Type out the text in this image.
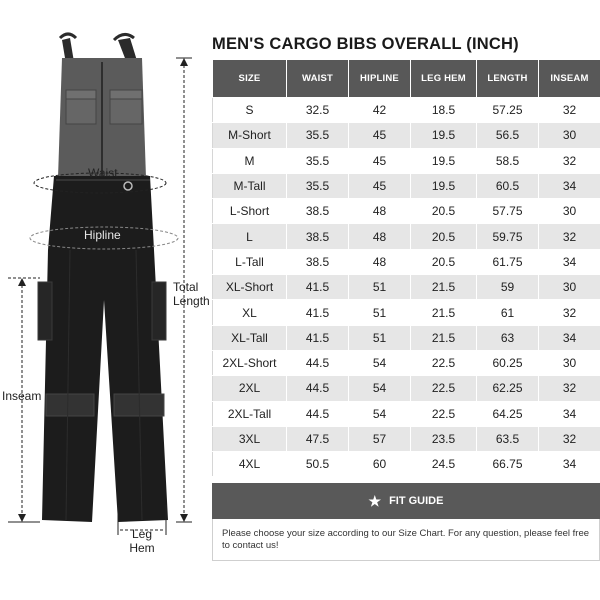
Waist
Hipline
Total Length
Inseam
Leg Hem
MEN'S CARGO BIBS OVERALL (INCH)
SIZE	WAIST	HIPLINE	LEG HEM	LENGTH	INSEAM
S	32.5	42	18.5	57.25	32
M-Short	35.5	45	19.5	56.5	30
M	35.5	45	19.5	58.5	32
M-Tall	35.5	45	19.5	60.5	34
L-Short	38.5	48	20.5	57.75	30
L	38.5	48	20.5	59.75	32
L-Tall	38.5	48	20.5	61.75	34
XL-Short	41.5	51	21.5	59	30
XL	41.5	51	21.5	61	32
XL-Tall	41.5	51	21.5	63	34
2XL-Short	44.5	54	22.5	60.25	30
2XL	44.5	54	22.5	62.25	32
2XL-Tall	44.5	54	22.5	64.25	34
3XL	47.5	57	23.5	63.5	32
4XL	50.5	60	24.5	66.75	34
★ FIT GUIDE
Please choose your size according to our Size Chart. For any question, please feel free to contact us!
